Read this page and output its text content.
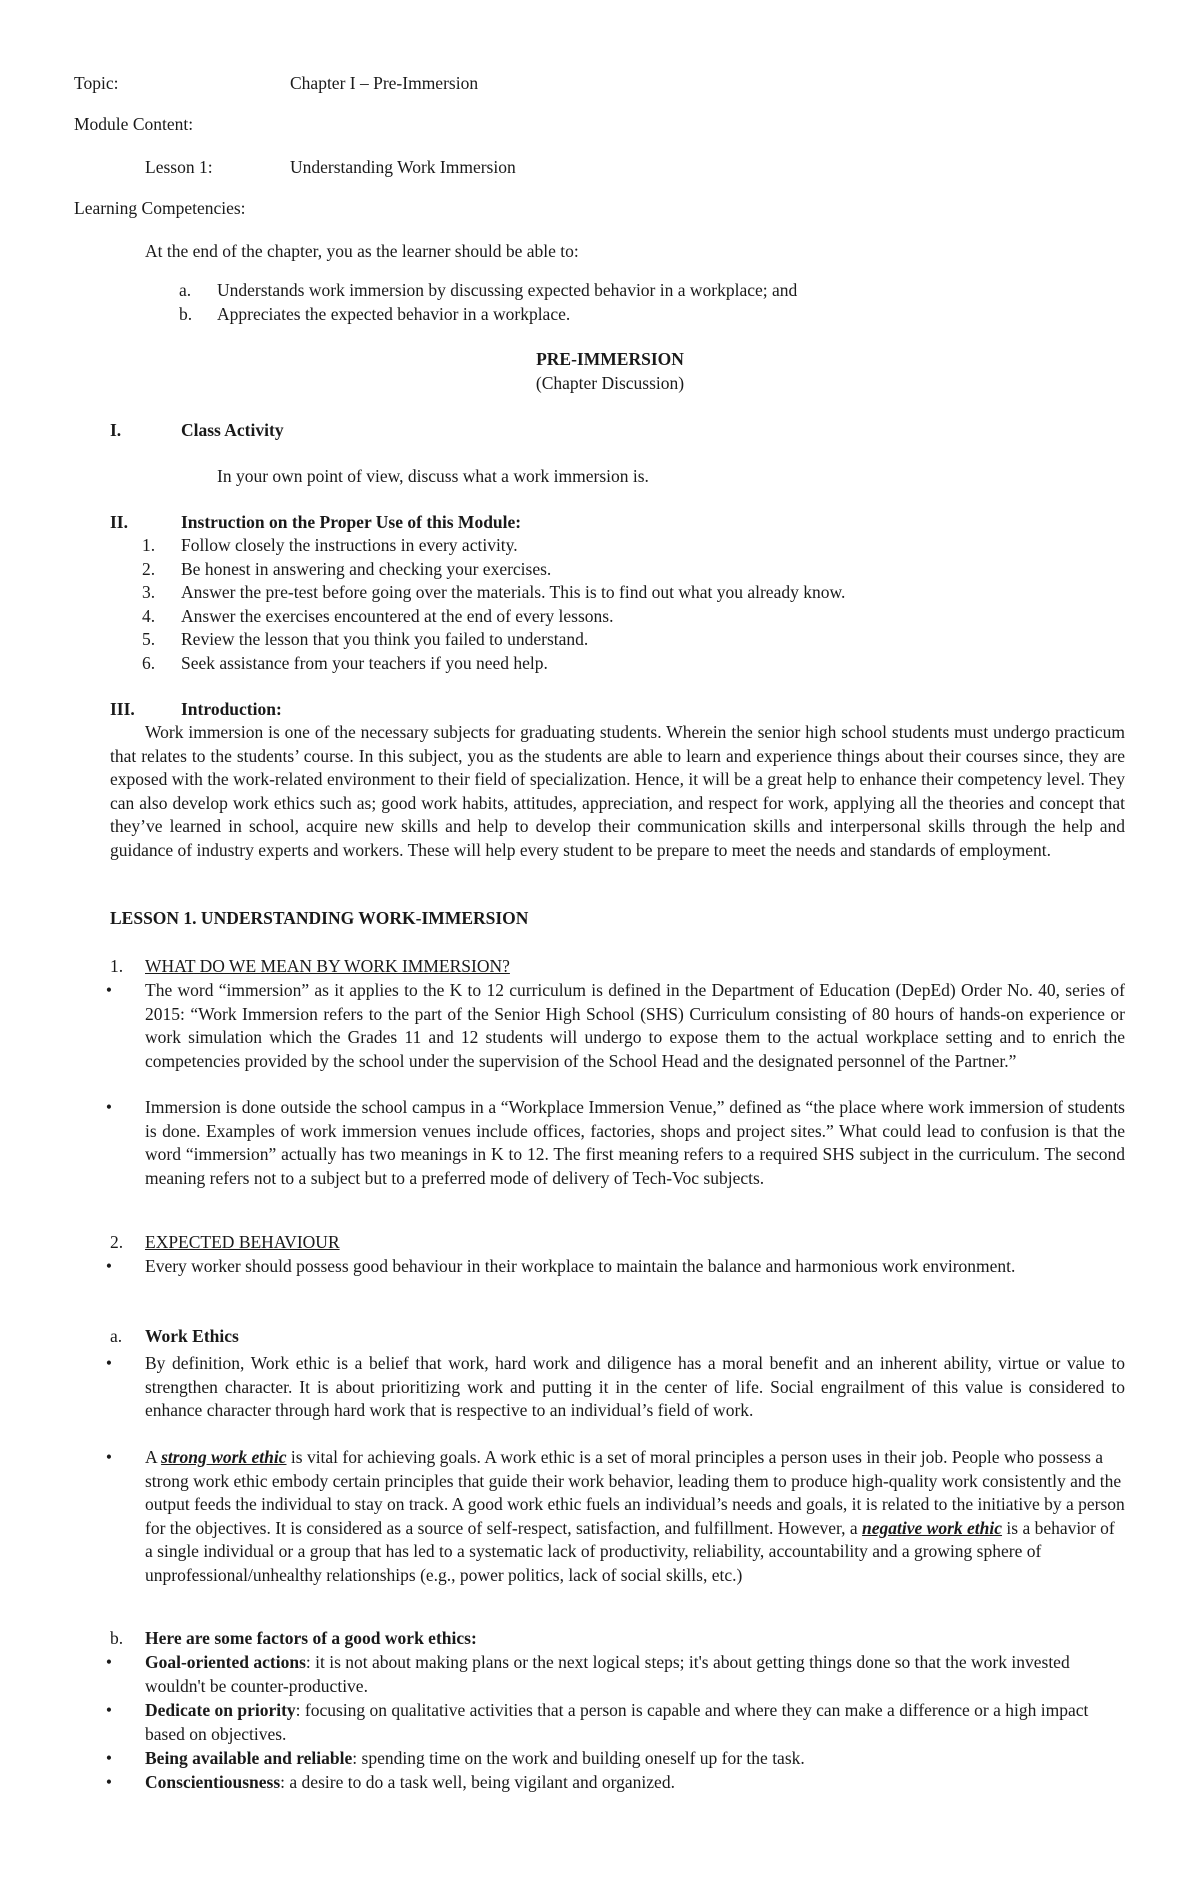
Topic:	Chapter I – Pre-Immersion
Module Content:
Lesson 1:	Understanding Work Immersion
Learning Competencies:
At the end of the chapter, you as the learner should be able to:
a. Understands work immersion by discussing expected behavior in a workplace; and
b. Appreciates the expected behavior in a workplace.
PRE-IMMERSION
(Chapter Discussion)
I.	Class Activity
In your own point of view, discuss what a work immersion is.
II.	Instruction on the Proper Use of this Module:
1. Follow closely the instructions in every activity.
2. Be honest in answering and checking your exercises.
3. Answer the pre-test before going over the materials. This is to find out what you already know.
4. Answer the exercises encountered at the end of every lessons.
5. Review the lesson that you think you failed to understand.
6. Seek assistance from your teachers if you need help.
III.	Introduction:
Work immersion is one of the necessary subjects for graduating students. Wherein the senior high school students must undergo practicum that relates to the students’ course. In this subject, you as the students are able to learn and experience things about their courses since, they are exposed with the work-related environment to their field of specialization. Hence, it will be a great help to enhance their competency level. They can also develop work ethics such as; good work habits, attitudes, appreciation, and respect for work, applying all the theories and concept that they’ve learned in school, acquire new skills and help to develop their communication skills and interpersonal skills through the help and guidance of industry experts and workers. These will help every student to be prepare to meet the needs and standards of employment.
LESSON 1. UNDERSTANDING WORK-IMMERSION
1. WHAT DO WE MEAN BY WORK IMMERSION?
• The word “immersion” as it applies to the K to 12 curriculum is defined in the Department of Education (DepEd) Order No. 40, series of 2015: “Work Immersion refers to the part of the Senior High School (SHS) Curriculum consisting of 80 hours of hands-on experience or work simulation which the Grades 11 and 12 students will undergo to expose them to the actual workplace setting and to enrich the competencies provided by the school under the supervision of the School Head and the designated personnel of the Partner.”
• Immersion is done outside the school campus in a “Workplace Immersion Venue,” defined as “the place where work immersion of students is done. Examples of work immersion venues include offices, factories, shops and project sites.” What could lead to confusion is that the word “immersion” actually has two meanings in K to 12. The first meaning refers to a required SHS subject in the curriculum. The second meaning refers not to a subject but to a preferred mode of delivery of Tech-Voc subjects.
2. EXPECTED BEHAVIOUR
• Every worker should possess good behaviour in their workplace to maintain the balance and harmonious work environment.
a. Work Ethics
• By definition, Work ethic is a belief that work, hard work and diligence has a moral benefit and an inherent ability, virtue or value to strengthen character. It is about prioritizing work and putting it in the center of life. Social engrailment of this value is considered to enhance character through hard work that is respective to an individual’s field of work.
• A strong work ethic is vital for achieving goals. A work ethic is a set of moral principles a person uses in their job. People who possess a strong work ethic embody certain principles that guide their work behavior, leading them to produce high-quality work consistently and the output feeds the individual to stay on track. A good work ethic fuels an individual’s needs and goals, it is related to the initiative by a person for the objectives. It is considered as a source of self-respect, satisfaction, and fulfillment. However, a negative work ethic is a behavior of a single individual or a group that has led to a systematic lack of productivity, reliability, accountability and a growing sphere of unprofessional/unhealthy relationships (e.g., power politics, lack of social skills, etc.)
b. Here are some factors of a good work ethics:
• Goal-oriented actions: it is not about making plans or the next logical steps; it's about getting things done so that the work invested wouldn't be counter-productive.
• Dedicate on priority: focusing on qualitative activities that a person is capable and where they can make a difference or a high impact based on objectives.
• Being available and reliable: spending time on the work and building oneself up for the task.
• Conscientiousness: a desire to do a task well, being vigilant and organized.
